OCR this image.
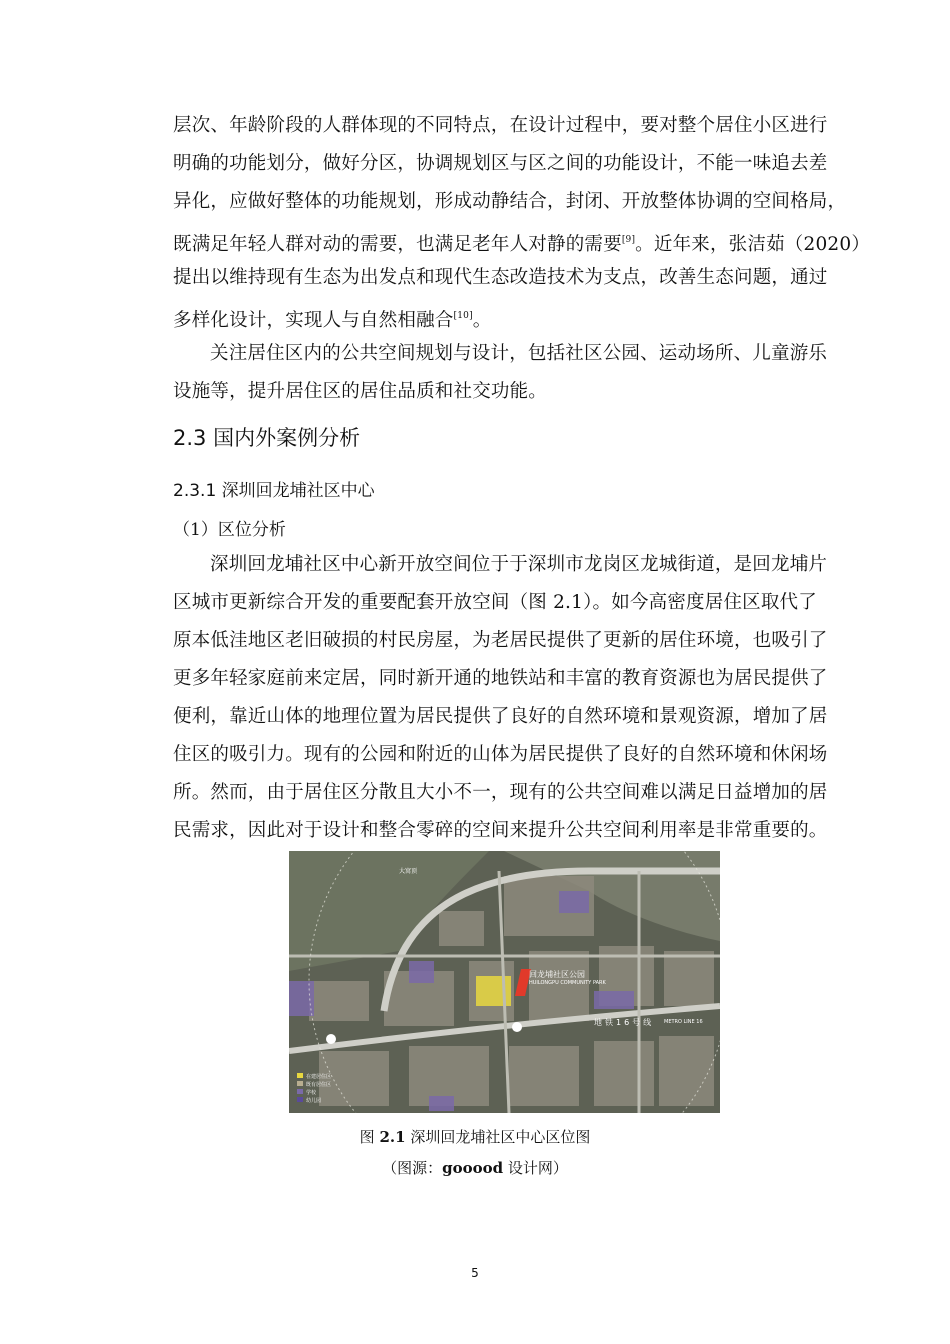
层次、年龄阶段的人群体现的不同特点，在设计过程中，要对整个居住小区进行
明确的功能划分，做好分区，协调规划区与区之间的功能设计，不能一味追去差
异化，应做好整体的功能规划，形成动静结合，封闭、开放整体协调的空间格局，
既满足年轻人群对动的需要，也满足老年人对静的需要[9]。近年来，张洁茹（2020）
提出以维持现有生态为出发点和现代生态改造技术为支点，改善生态问题，通过
多样化设计，实现人与自然相融合[10]。
关注居住区内的公共空间规划与设计，包括社区公园、运动场所、儿童游乐
设施等，提升居住区的居住品质和社交功能。
2.3 国内外案例分析
2.3.1 深圳回龙埔社区中心
（1）区位分析
深圳回龙埔社区中心新开放空间位于于深圳市龙岗区龙城街道，是回龙埔片
区城市更新综合开发的重要配套开放空间（图 2.1）。如今高密度居住区取代了
原本低洼地区老旧破损的村民房屋，为老居民提供了更新的居住环境，也吸引了
更多年轻家庭前来定居，同时新开通的地铁站和丰富的教育资源也为居民提供了
便利，靠近山体的地理位置为居民提供了良好的自然环境和景观资源，增加了居
住区的吸引力。现有的公园和附近的山体为居民提供了良好的自然环境和休闲场
所。然而，由于居住区分散且大小不一，现有的公共空间难以满足日益增加的居
民需求，因此对于设计和整合零碎的空间来提升公共空间利用率是非常重要的。
回龙埔社区公园
HUILONGPU COMMUNITY PARK
地铁16号线 METRO LINE 16
大窝顶
在建居住区
既有居住区
学校
幼儿园
图 2.1 深圳回龙埔社区中心区位图
（图源：gooood 设计网）
5
